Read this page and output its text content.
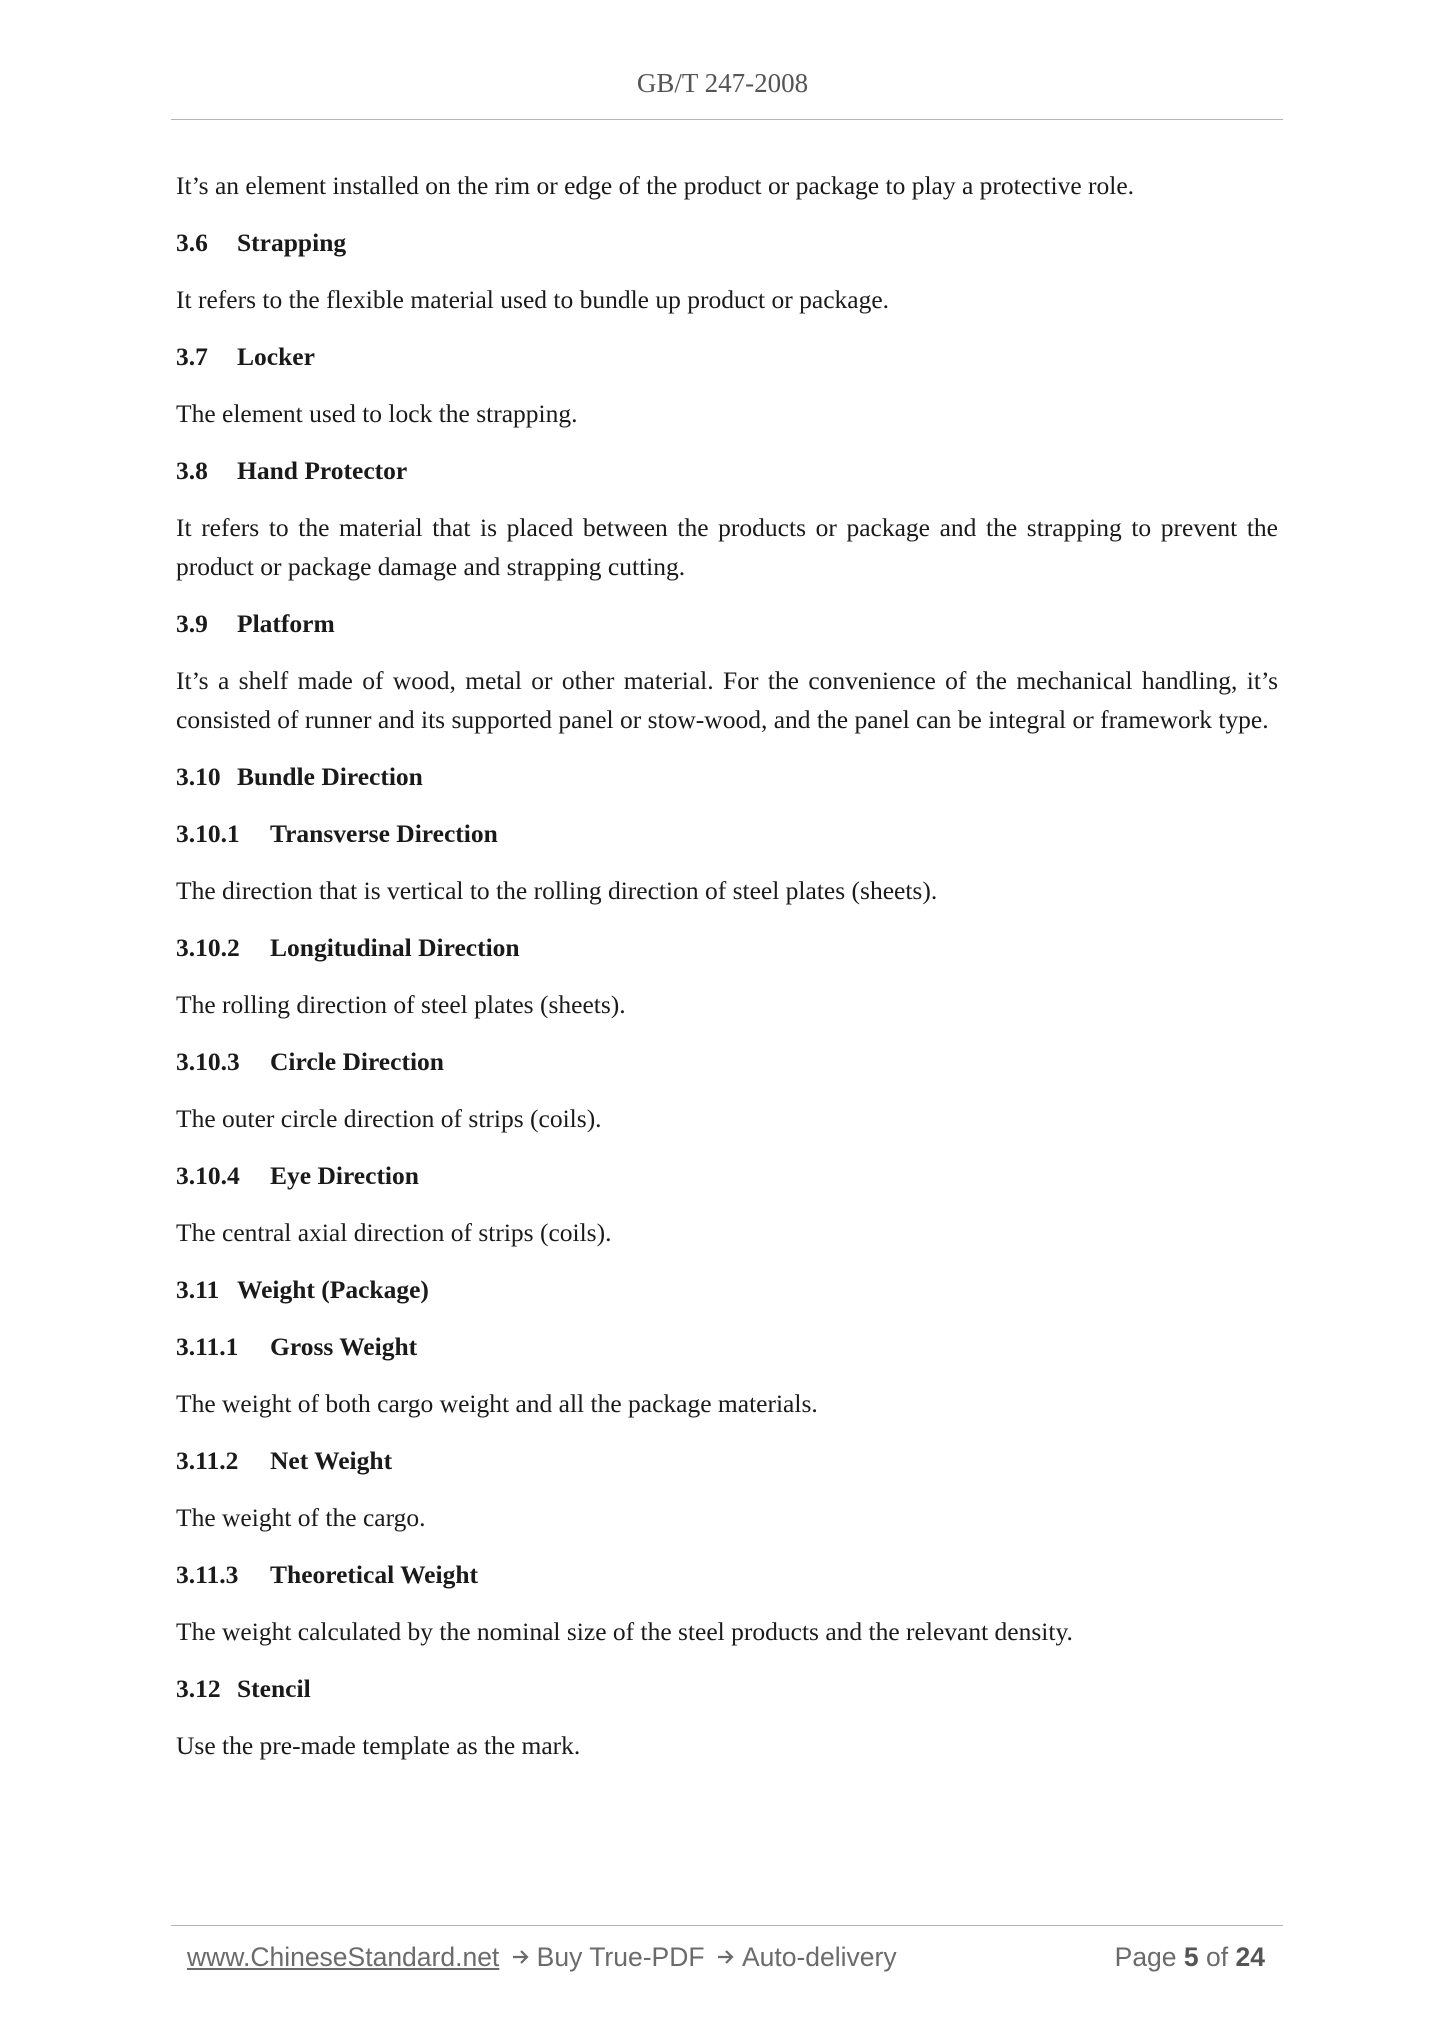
GB/T 247-2008

It’s an element installed on the rim or edge of the product or package to play a protective role.

3.6 Strapping

It refers to the flexible material used to bundle up product or package.

3.7 Locker

The element used to lock the strapping.

3.8 Hand Protector

It refers to the material that is placed between the products or package and the strapping to prevent the product or package damage and strapping cutting.

3.9 Platform

It’s a shelf made of wood, metal or other material. For the convenience of the mechanical handling, it’s consisted of runner and its supported panel or stow-wood, and the panel can be integral or framework type.

3.10 Bundle Direction
3.10.1 Transverse Direction

The direction that is vertical to the rolling direction of steel plates (sheets).

3.10.2 Longitudinal Direction

The rolling direction of steel plates (sheets).

3.10.3 Circle Direction

The outer circle direction of strips (coils).

3.10.4 Eye Direction

The central axial direction of strips (coils).

3.11 Weight (Package)
3.11.1 Gross Weight

The weight of both cargo weight and all the package materials.

3.11.2 Net Weight

The weight of the cargo.

3.11.3 Theoretical Weight

The weight calculated by the nominal size of the steel products and the relevant density.

3.12 Stencil

Use the pre-made template as the mark.

www.ChineseStandard.net Buy True-PDF Auto-delivery	Page 5 of 24
